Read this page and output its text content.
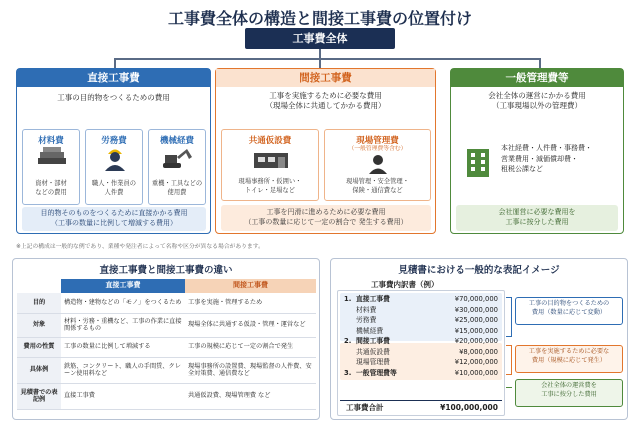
工事費全体の構造と間接工事費の位置付け
工事費全体
直接工事費
工事の目的物をつくるための費用
材料費
資材・部材
などの費用
労務費
職人・作業員の
人件費
機械経費
重機・工具などの
使用費
目的物そのものをつくるために直接かかる費用
（工事の数量に比例して増減する費用）
間接工事費
工事を実施するために必要な費用
（現場全体に共通してかかる費用）
共通仮設費
現場事務所・仮囲い・
トイレ・足場など
現場管理費
（一般管理費等含む）
現場管理・安全管理・
保険・通信費など
工事を円滑に進めるために必要な費用
（工事の数量に応じて一定の割合で 発生する費用）
一般管理費等
会社全体の運営にかかる費用
（工事現場以外の管理費）
本社経費・人件費・事務費・
営業費用・減価償却費・
租税公課など
会社運営に必要な費用を
工事に按分した費用
※上記の構成は一般的な例であり、業種や発注者によって名称や区分が異なる場合があります。
直接工事費と間接工事費の違い
	直接工事費	間接工事費
目的	構造物・建物などの「モノ」をつくるため	工事を実施・管理するため
対象	材料・労務・重機など、工事の作業に直接関係するもの	現場全体に共通する仮設・管理・運営など
費用の性質	工事の数量に比例して増減する	工事の規模に応じて一定の割合で発生
具体例	鉄筋、コンクリート、職人の手間賃、クレーン使用料など	現場事務所の設置費、現場監督の人件費、安全対策費、通信費など
見積書での表記例	直接工事費	共通仮設費、現場管理費 など
見積書における一般的な表記イメージ
工事費内訳書（例）
1.	直接工事費	¥70,000,000
	材料費	¥30,000,000
	労務費	¥25,000,000
	機械経費	¥15,000,000
2.	間接工事費	¥20,000,000
	共通仮設費	¥8,000,000
	現場管理費	¥12,000,000
3.	一般管理費等	¥10,000,000
工事費合計	¥100,000,000
工事の目的物をつくるための
費用（数量に応じて変動）
工事を実施するために必要な
費用（規模に応じて発生）
会社全体の運営費を
工事に按分した費用
